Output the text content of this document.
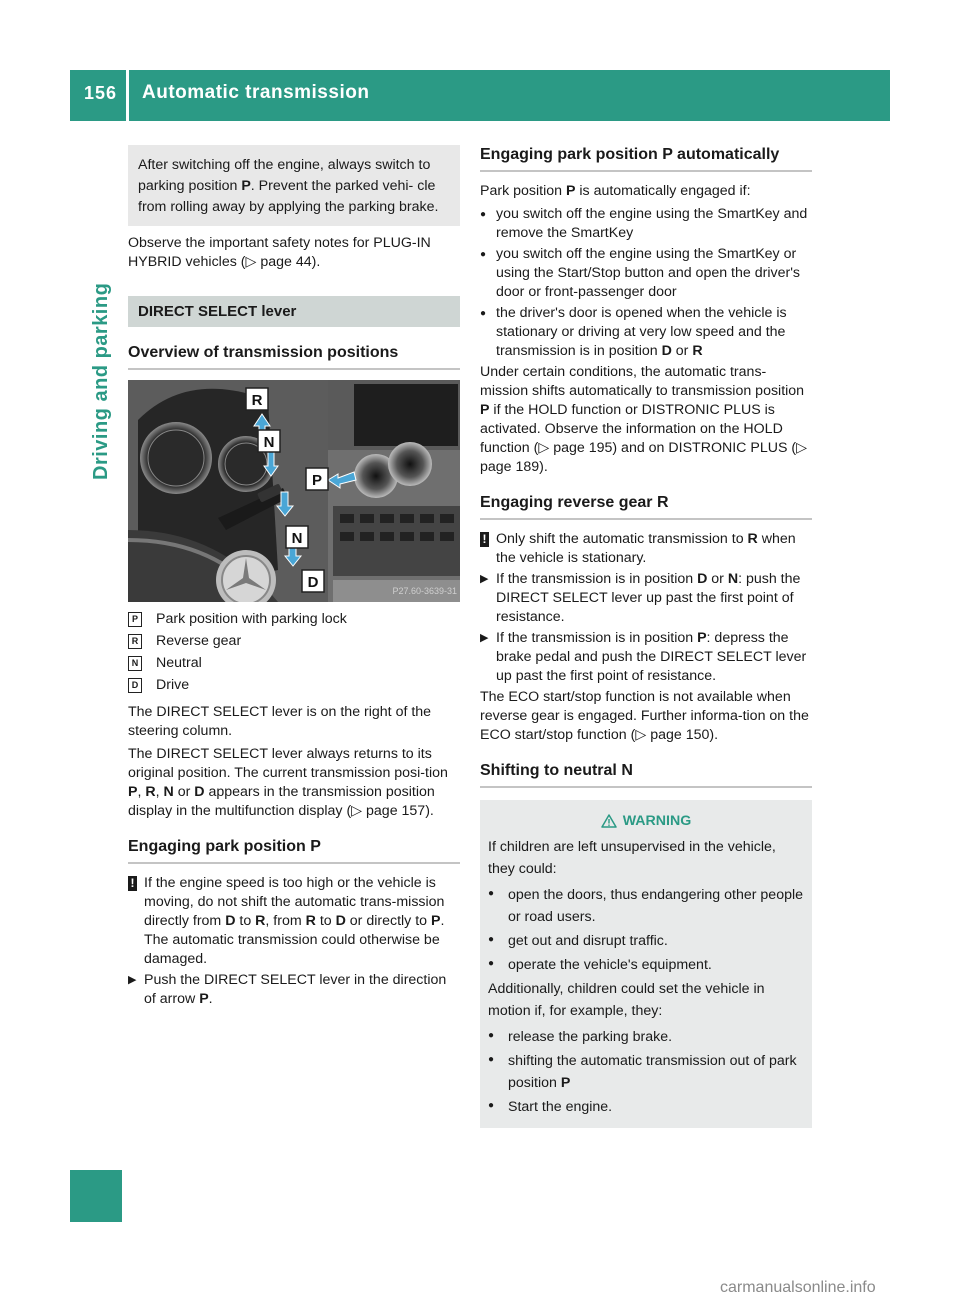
156 Automatic transmission
Driving and parking
After switching off the engine, always switch to parking position P. Prevent the parked vehi- cle from rolling away by applying the parking brake.

Observe the important safety notes for PLUG-IN HYBRID vehicles (▷ page 44).

DIRECT SELECT lever
Overview of transmission positions
R
N
P
N
D	P27.60-3639-31
P Park position with parking lock
R Reverse gear
N Neutral
D Drive

The DIRECT SELECT lever is on the right of the steering column.

The DIRECT SELECT lever always returns to its original position. The current transmission posi-tion P, R, N or D appears in the transmission position display in the multifunction display (▷ page 157).

Engaging park position P
! If the engine speed is too high or the vehicle is moving, do not shift the automatic trans-mission directly from D to R, from R to D or directly to P. The automatic transmission could otherwise be damaged.
▶ Push the DIRECT SELECT lever in the direction of arrow P.
Engaging park position P automatically

Park position P is automatically engaged if:

● you switch off the engine using the SmartKey and remove the SmartKey
● you switch off the engine using the SmartKey or using the Start/Stop button and open the driver's door or front-passenger door
● the driver's door is opened when the vehicle is stationary or driving at very low speed and the transmission is in position D or R

Under certain conditions, the automatic trans-mission shifts automatically to transmission position P if the HOLD function or DISTRONIC PLUS is activated. Observe the information on the HOLD function (▷ page 195) and on DISTRONIC PLUS (▷ page 189).

Engaging reverse gear R
! Only shift the automatic transmission to R when the vehicle is stationary.
▶ If the transmission is in position D or N: push the DIRECT SELECT lever up past the first point of resistance.
▶ If the transmission is in position P: depress the brake pedal and push the DIRECT SELECT lever up past the first point of resistance.

The ECO start/stop function is not available when reverse gear is engaged. Further informa-tion on the ECO start/stop function (▷ page 150).

Shifting to neutral N
WARNING

If children are left unsupervised in the vehicle, they could:

● open the doors, thus endangering other people or road users.
● get out and disrupt traffic.
● operate the vehicle's equipment.

Additionally, children could set the vehicle in motion if, for example, they:

● release the parking brake.
● shifting the automatic transmission out of park position P
● Start the engine.
carmanualsonline.info
